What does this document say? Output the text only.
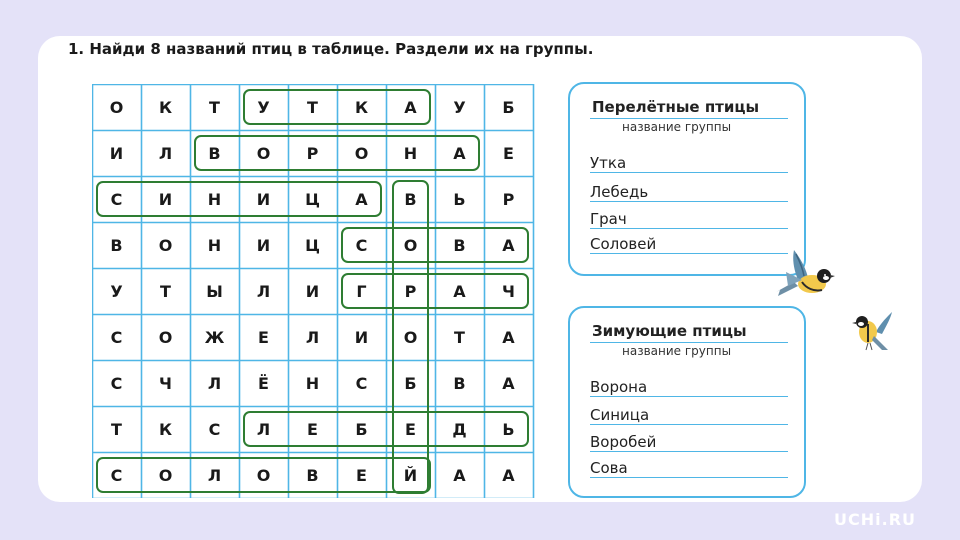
1. Найди 8 названий птиц в таблице. Раздели их на группы.
О	К	Т	У	Т	К	А	У	Б
И	Л	В	О	Р	О	Н	А	Е
С	И	Н	И	Ц	А	В	Ь	Р
В	О	Н	И	Ц	С	О	В	А
У	Т	Ы	Л	И	Г	Р	А	Ч
С	О	Ж	Е	Л	И	О	Т	А
С	Ч	Л	Ё	Н	С	Б	В	А
Т	К	С	Л	Е	Б	Е	Д	Ь
С	О	Л	О	В	Е	Й	А	А
Перелётные птицы
название группы
Утка
Лебедь
Грач
Соловей
Зимующие птицы
название группы
Ворона
Синица
Воробей
Сова
UCHi.RU
